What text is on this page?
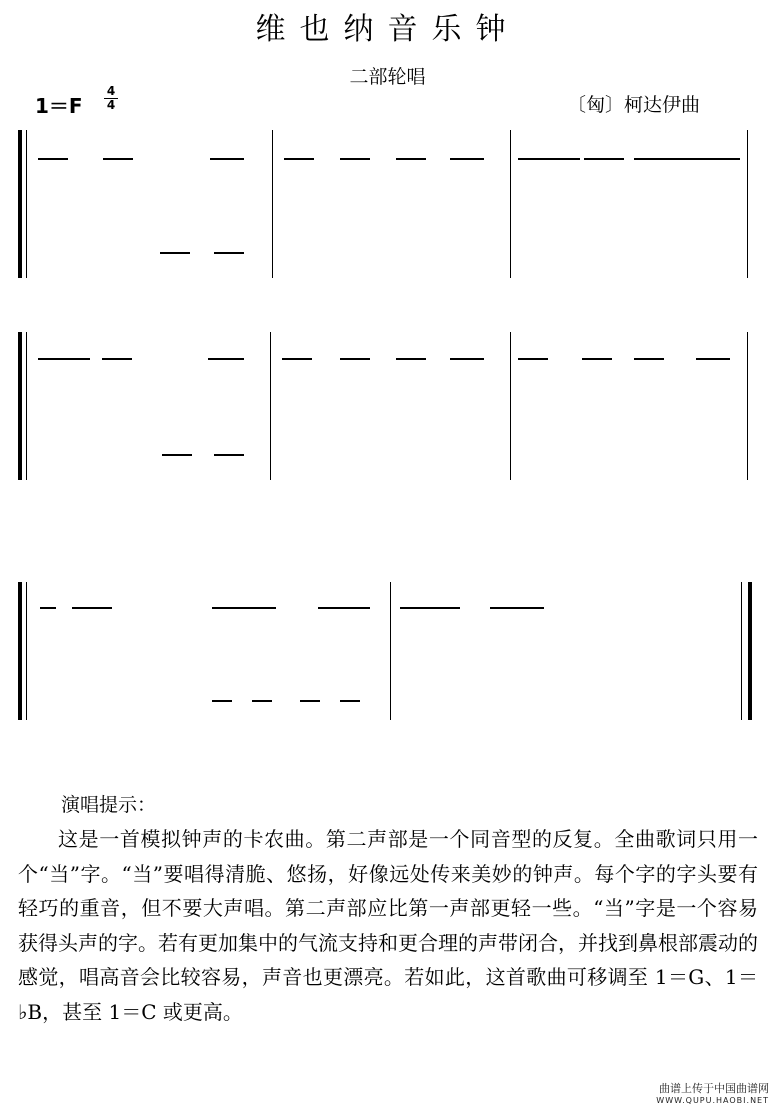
维也纳音乐钟
二部轮唱
1＝F
4
4	〔匈〕柯达伊曲
演唱提示：
这是一首模拟钟声的卡农曲。第二声部是一个同音型的反复。全曲歌词只用一个“当”字。“当”要唱得清脆、悠扬，好像远处传来美妙的钟声。每个字的字头要有轻巧的重音，但不要大声唱。第二声部应比第一声部更轻一些。“当”字是一个容易获得头声的字。若有更加集中的气流支持和更合理的声带闭合，并找到鼻根部震动的感觉，唱高音会比较容易，声音也更漂亮。若如此，这首歌曲可移调至 1＝G、1＝♭B，甚至 1＝C 或更高。
曲谱上传于中国曲谱网
WWW.QUPU.HAOBI.NET
